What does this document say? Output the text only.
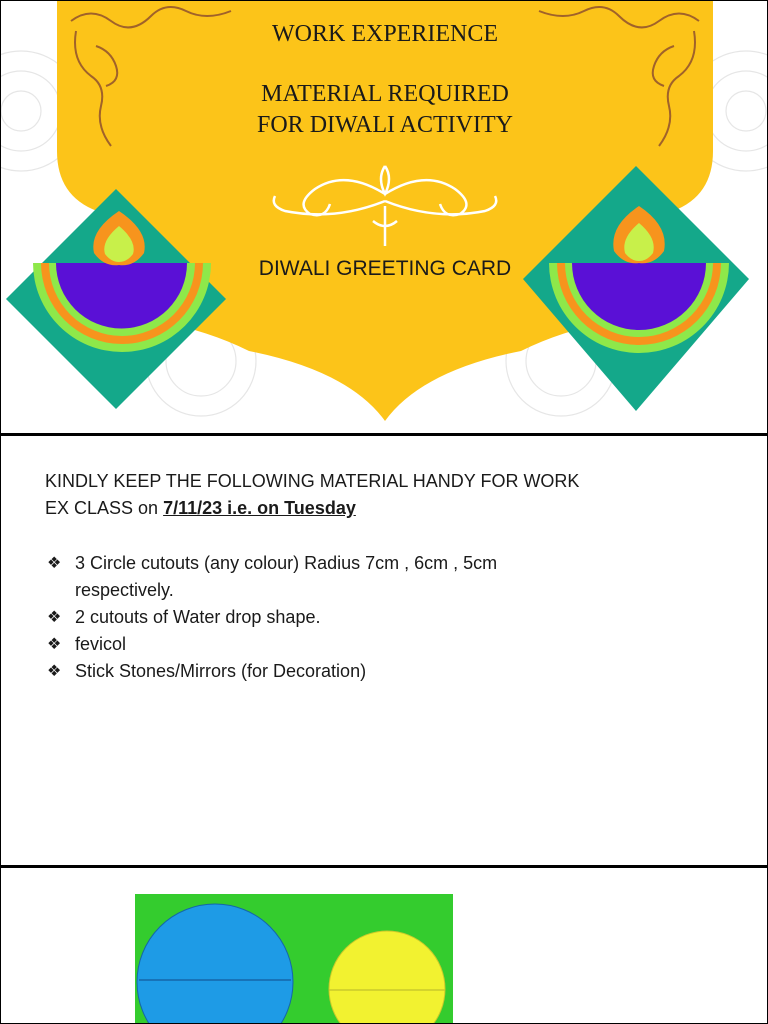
WORK EXPERIENCE
MATERIAL REQUIRED
FOR DIWALI ACTIVITY
DIWALI GREETING CARD
KINDLY KEEP THE FOLLOWING MATERIAL HANDY FOR WORK
EX CLASS on 7/11/23 i.e. on Tuesday
❖ 3 Circle cutouts (any colour) Radius 7cm , 6cm , 5cm
respectively.
❖ 2 cutouts of Water drop shape.
❖ fevicol
❖ Stick Stones/Mirrors (for Decoration)
